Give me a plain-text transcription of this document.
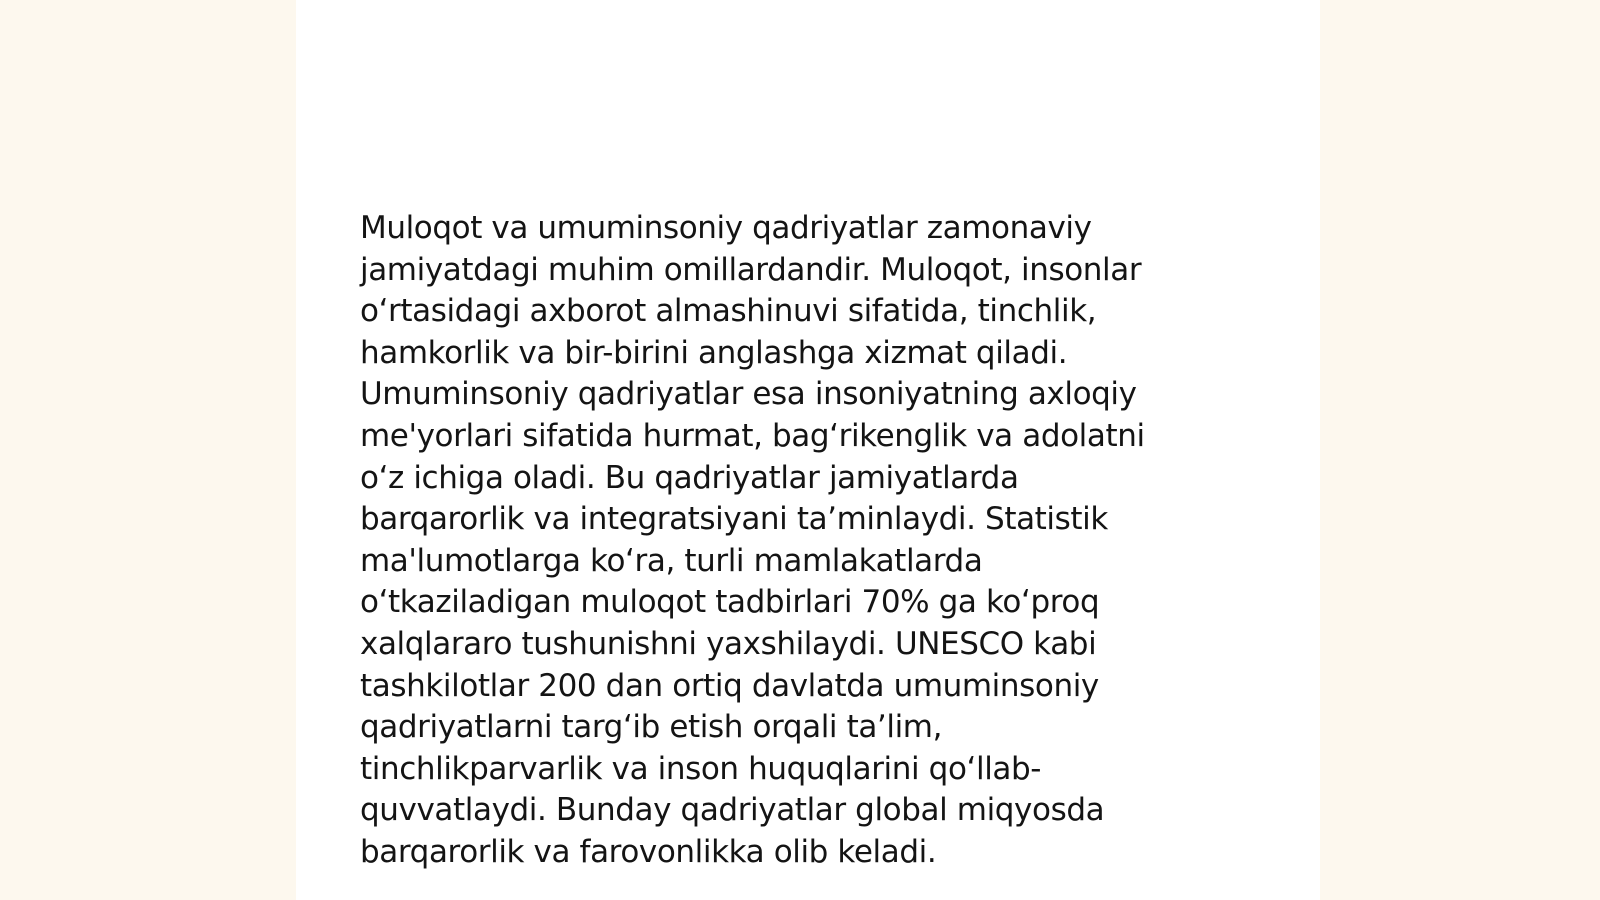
Muloqot va umuminsoniy qadriyatlar zamonaviy
jamiyatdagi muhim omillardandir. Muloqot, insonlar
o‘rtasidagi axborot almashinuvi sifatida, tinchlik,
hamkorlik va bir-birini anglashga xizmat qiladi.
Umuminsoniy qadriyatlar esa insoniyatning axloqiy
me'yorlari sifatida hurmat, bag‘rikenglik va adolatni
o‘z ichiga oladi. Bu qadriyatlar jamiyatlarda
barqarorlik va integratsiyani ta’minlaydi. Statistik
ma'lumotlarga ko‘ra, turli mamlakatlarda
o‘tkaziladigan muloqot tadbirlari 70% ga ko‘proq
xalqlararo tushunishni yaxshilaydi. UNESCO kabi
tashkilotlar 200 dan ortiq davlatda umuminsoniy
qadriyatlarni targ‘ib etish orqali ta’lim,
tinchlikparvarlik va inson huquqlarini qo‘llab-
quvvatlaydi. Bunday qadriyatlar global miqyosda
barqarorlik va farovonlikka olib keladi.
